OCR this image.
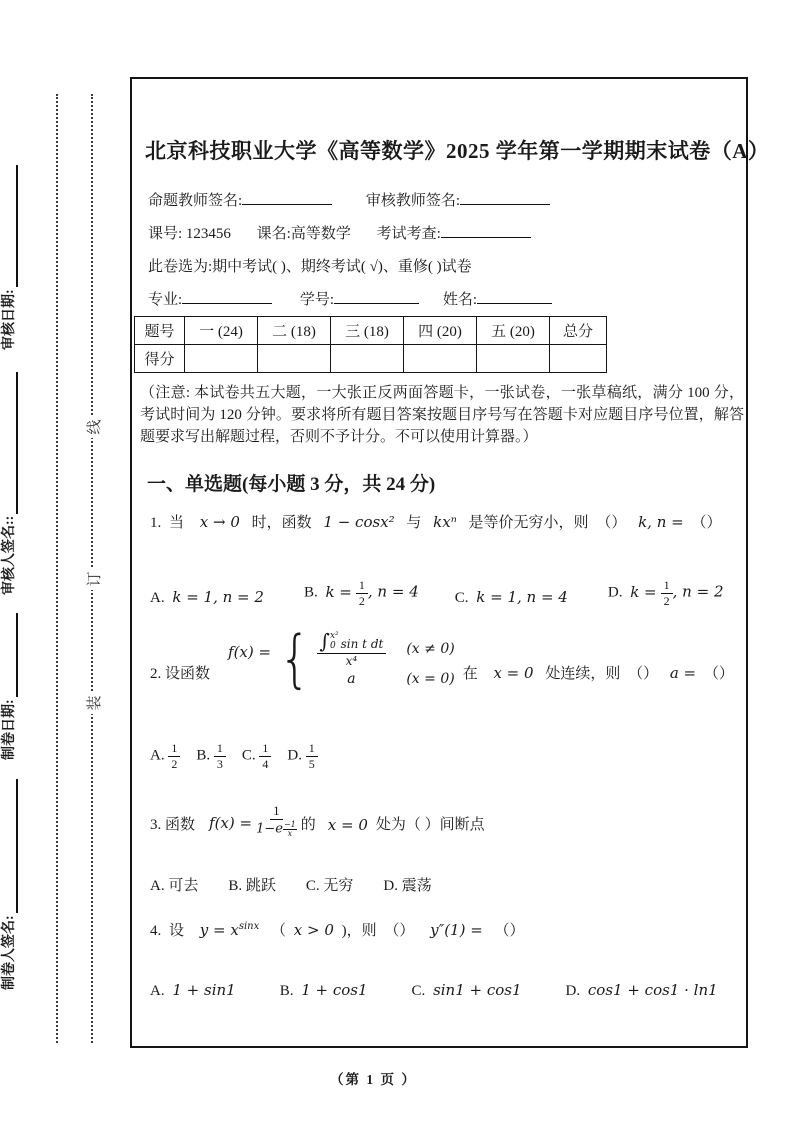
审核日期:
审核人签名::
制卷日期:
制卷人签名:
线
订
装
北京科技职业大学《高等数学》2025 学年第一学期期末试卷（A）
命题教师签名:	审核教师签名:
课号: 123456 课名:高等数学 考试考查:
此卷选为:期中考试( )、期终考试( √)、重修( )试卷
专业:	学号:	姓名:
题号	一 (24)	二 (18)	三 (18)	四 (20)	五 (20)	总分
得分						
（注意: 本试卷共五大题，一大张正反两面答题卡，一张试卷，一张草稿纸，满分 100 分，考试时间为 120 分钟。要求将所有题目答案按题目序号写在答题卡对应题目序号位置，解答题要求写出解题过程，否则不予计分。不可以使用计算器。）
一、单选题(每小题 3 分，共 24 分)
1. 当 x → 0 时，函数 1 − cosx² 与 kxⁿ 是等价无穷小，则 （） k, n = （）
A. k = 1, n = 2	B. $k = \frac{1}{2}$ , n = 4 C. k = 1, n = 4	D. $k = \frac{1}{2}$ , n = 2
2. 设函数
f(x) = { ∫ x²
0 sin t dt
x⁴ (x ≠ 0)
a	(x = 0) 在 x = 0 处连续，则 （） a = （）
A. $\frac{1}{2} B$. $\frac{1}{3} C$. $\frac{1}{4} D$. $\frac{1}{5}$
3. 函数 $f(x) = \frac{1}{1-e \frac{-1}{x}}$ 的 x = 0 处为（ ）间断点
A. 可去 B. 跳跃 C. 无穷 D. 震荡
4. 设 $y = x^{sinx}$ （ x > 0 )，则 （） y″(1) = （）
A. 1 + sin1	B. 1 + cos1	C. sin1 + cos1	D. cos1 + cos1 · ln1
（第 1 页 ）
